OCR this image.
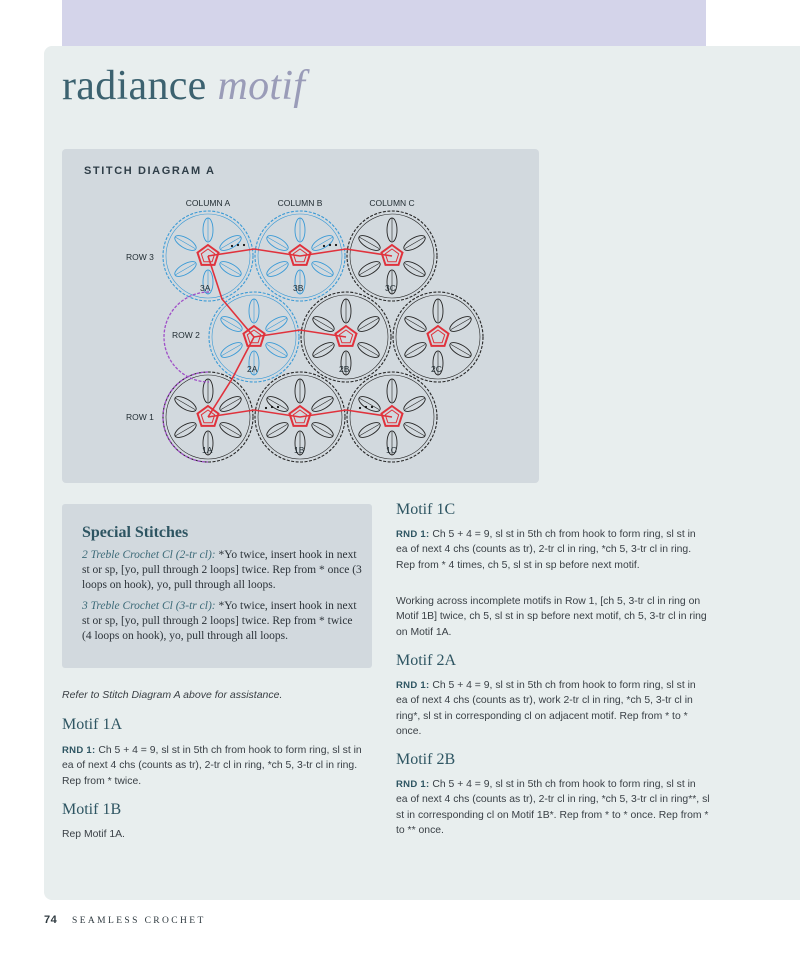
radiance motif
STITCH DIAGRAM A
COLUMN A	COLUMN B	COLUMN C
ROW 3
ROW 2
ROW 1
3A	3B	3C
2A	2B	2C
1A	1B	1C
Special Stitches
2 Treble Crochet Cl (2-tr cl): *Yo twice, insert hook in next st or sp, [yo, pull through 2 loops] twice. Rep from * once (3 loops on hook), yo, pull through all loops.
3 Treble Crochet Cl (3-tr cl): *Yo twice, insert hook in next st or sp, [yo, pull through 2 loops] twice. Rep from * twice (4 loops on hook), yo, pull through all loops.
Refer to Stitch Diagram A above for assistance.
Motif 1A
RND 1: Ch 5 + 4 = 9, sl st in 5th ch from hook to form ring, sl st in ea of next 4 chs (counts as tr), 2-tr cl in ring, *ch 5, 3-tr cl in ring. Rep from * twice.
Motif 1B
Rep Motif 1A.
Motif 1C
RND 1: Ch 5 + 4 = 9, sl st in 5th ch from hook to form ring, sl st in ea of next 4 chs (counts as tr), 2-tr cl in ring, *ch 5, 3-tr cl in ring. Rep from * 4 times, ch 5, sl st in sp before next motif.
Working across incomplete motifs in Row 1, [ch 5, 3-tr cl in ring on Motif 1B] twice, ch 5, sl st in sp before next motif, ch 5, 3-tr cl in ring on Motif 1A.
Motif 2A
RND 1: Ch 5 + 4 = 9, sl st in 5th ch from hook to form ring, sl st in ea of next 4 chs (counts as tr), work 2-tr cl in ring, *ch 5, 3-tr cl in ring*, sl st in corresponding cl on adjacent motif. Rep from * to * once.
Motif 2B
RND 1: Ch 5 + 4 = 9, sl st in 5th ch from hook to form ring, sl st in ea of next 4 chs (counts as tr), 2-tr cl in ring, *ch 5, 3-tr cl in ring**, sl st in corresponding cl on Motif 1B*. Rep from * to * once. Rep from * to ** once.
74 SEAMLESS CROCHET
